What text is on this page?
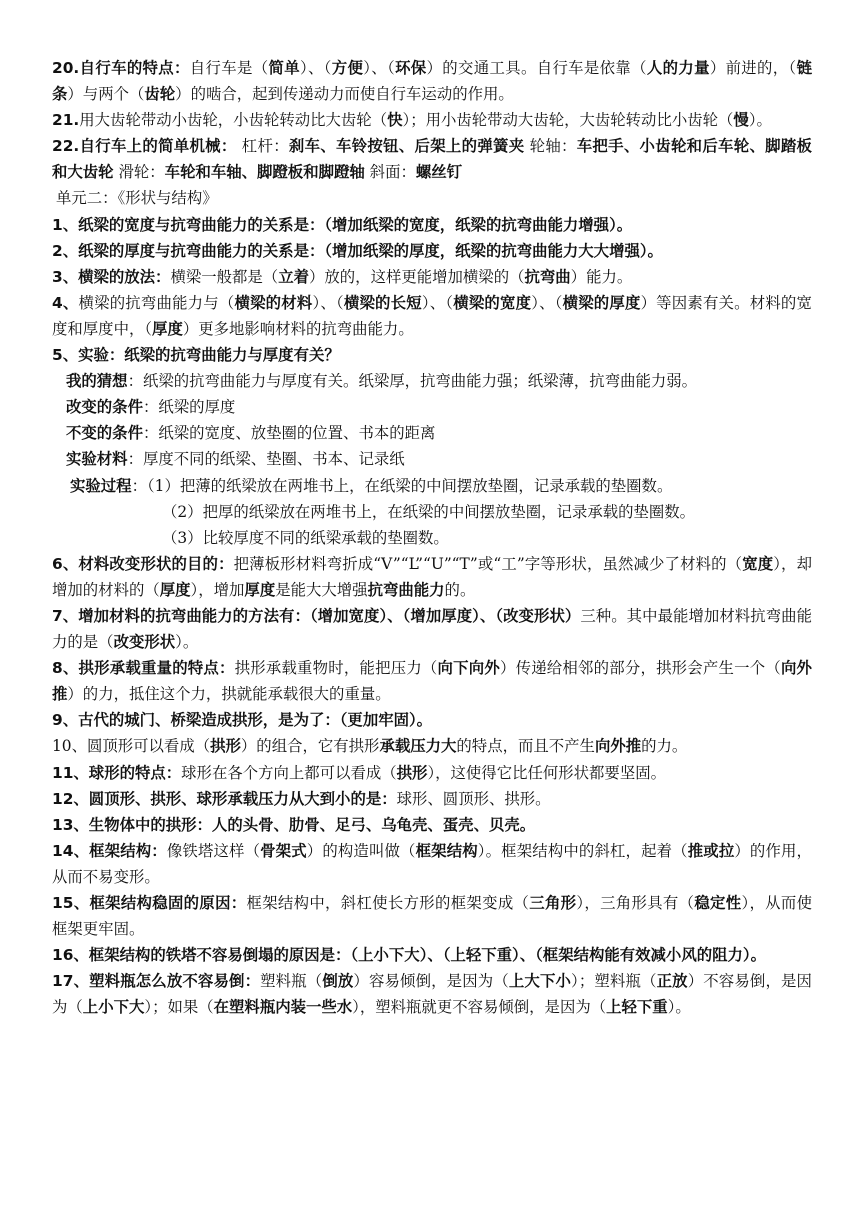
20.自行车的特点：自行车是（简单）、（方便）、（环保）的交通工具。自行车是依靠（人的力量）前进的，（链条）与两个（齿轮）的啮合，起到传递动力而使自行车运动的作用。

21.用大齿轮带动小齿轮，小齿轮转动比大齿轮（快）；用小齿轮带动大齿轮，大齿轮转动比小齿轮（慢）。

22.自行车上的简单机械： 杠杆：刹车、车铃按钮、后架上的弹簧夹 轮轴：车把手、小齿轮和后车轮、脚踏板和大齿轮 滑轮：车轮和车轴、脚蹬板和脚蹬轴 斜面：螺丝钉

单元二：《形状与结构》

1、纸梁的宽度与抗弯曲能力的关系是：（增加纸梁的宽度，纸梁的抗弯曲能力增强）。

2、纸梁的厚度与抗弯曲能力的关系是：（增加纸梁的厚度，纸梁的抗弯曲能力大大增强）。

3、横梁的放法：横梁一般都是（立着）放的，这样更能增加横梁的（抗弯曲）能力。

4、横梁的抗弯曲能力与（横梁的材料）、（横梁的长短）、（横梁的宽度）、（横梁的厚度）等因素有关。材料的宽度和厚度中，（厚度）更多地影响材料的抗弯曲能力。

5、实验：纸梁的抗弯曲能力与厚度有关？

我的猜想：纸梁的抗弯曲能力与厚度有关。纸梁厚，抗弯曲能力强；纸梁薄，抗弯曲能力弱。

改变的条件：纸梁的厚度

不变的条件：纸梁的宽度、放垫圈的位置、书本的距离

实验材料：厚度不同的纸梁、垫圈、书本、记录纸

实验过程：（1）把薄的纸梁放在两堆书上，在纸梁的中间摆放垫圈，记录承载的垫圈数。

（2）把厚的纸梁放在两堆书上，在纸梁的中间摆放垫圈，记录承载的垫圈数。

（3）比较厚度不同的纸梁承载的垫圈数。

6、材料改变形状的目的：把薄板形材料弯折成“V”“L”“U”“T”或“工”字等形状，虽然减少了材料的（宽度），却增加的材料的（厚度），增加厚度是能大大增强抗弯曲能力的。

7、增加材料的抗弯曲能力的方法有：（增加宽度）、（增加厚度）、（改变形状）三种。其中最能增加材料抗弯曲能力的是（改变形状）。

8、拱形承载重量的特点：拱形承载重物时，能把压力（向下向外）传递给相邻的部分，拱形会产生一个（向外推）的力，抵住这个力，拱就能承载很大的重量。

9、古代的城门、桥梁造成拱形，是为了：（更加牢固）。

10、圆顶形可以看成（拱形）的组合，它有拱形承载压力大的特点，而且不产生向外推的力。

11、球形的特点：球形在各个方向上都可以看成（拱形），这使得它比任何形状都要坚固。

12、圆顶形、拱形、球形承载压力从大到小的是：球形、圆顶形、拱形。

13、生物体中的拱形：人的头骨、肋骨、足弓、乌龟壳、蛋壳、贝壳。

14、框架结构：像铁塔这样（骨架式）的构造叫做（框架结构）。框架结构中的斜杠，起着（推或拉）的作用，从而不易变形。

15、框架结构稳固的原因：框架结构中，斜杠使长方形的框架变成（三角形），三角形具有（稳定性），从而使框架更牢固。

16、框架结构的铁塔不容易倒塌的原因是：（上小下大）、（上轻下重）、（框架结构能有效减小风的阻力）。

17、塑料瓶怎么放不容易倒：塑料瓶（倒放）容易倾倒，是因为（上大下小）；塑料瓶（正放）不容易倒，是因为（上小下大）；如果（在塑料瓶内装一些水），塑料瓶就更不容易倾倒，是因为（上轻下重）。
